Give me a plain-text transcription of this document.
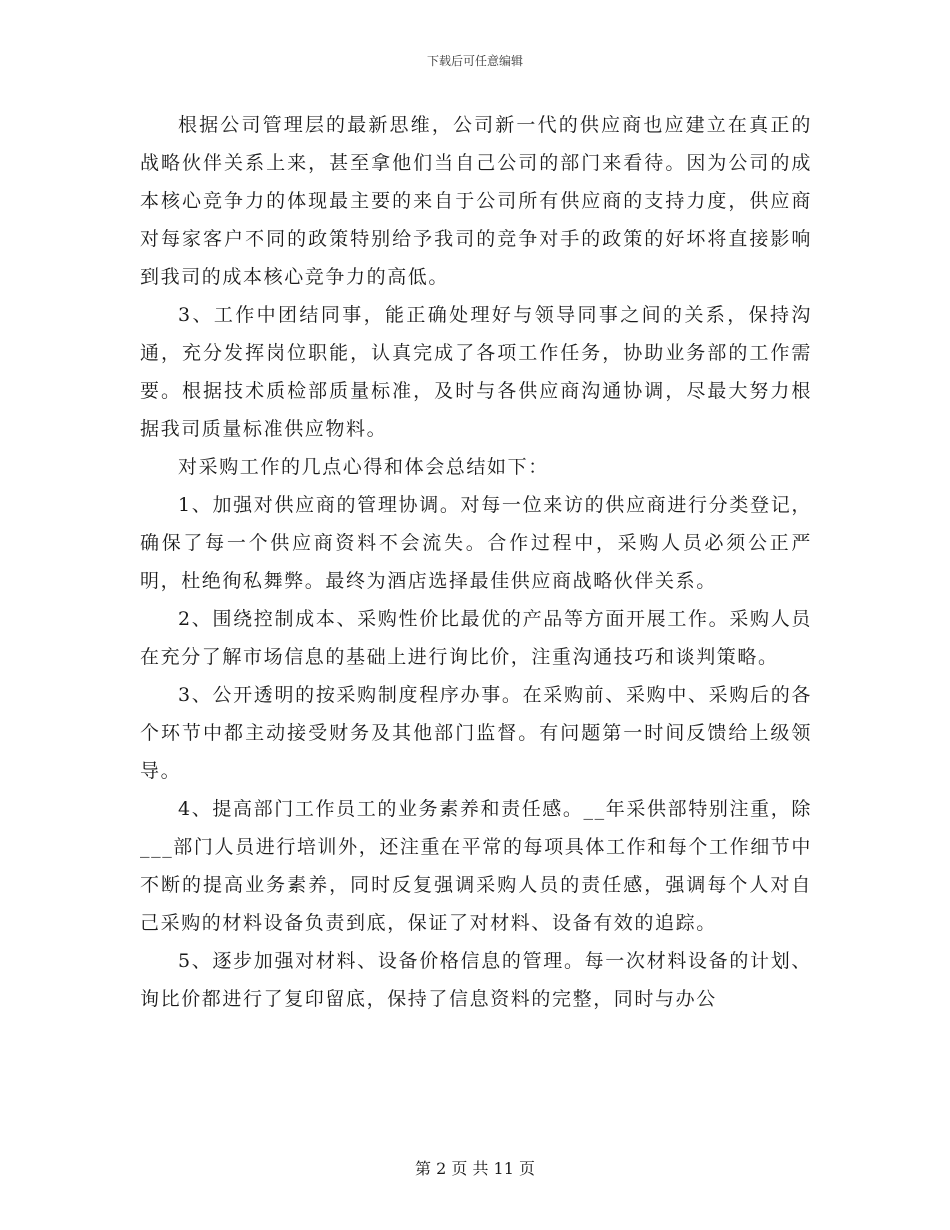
下载后可任意编辑

根据公司管理层的最新思维，公司新一代的供应商也应建立在真正的战略伙伴关系上来，甚至拿他们当自己公司的部门来看待。因为公司的成本核心竞争力的体现最主要的来自于公司所有供应商的支持力度，供应商对每家客户不同的政策特别给予我司的竞争对手的政策的好坏将直接影响到我司的成本核心竞争力的高低。

3、工作中团结同事，能正确处理好与领导同事之间的关系，保持沟通，充分发挥岗位职能，认真完成了各项工作任务，协助业务部的工作需要。根据技术质检部质量标准，及时与各供应商沟通协调，尽最大努力根据我司质量标准供应物料。

对采购工作的几点心得和体会总结如下：

1、加强对供应商的管理协调。对每一位来访的供应商进行分类登记，确保了每一个供应商资料不会流失。合作过程中，采购人员必须公正严明，杜绝徇私舞弊。最终为酒店选择最佳供应商战略伙伴关系。

2、围绕控制成本、采购性价比最优的产品等方面开展工作。采购人员在充分了解市场信息的基础上进行询比价，注重沟通技巧和谈判策略。

3、公开透明的按采购制度程序办事。在采购前、采购中、采购后的各个环节中都主动接受财务及其他部门监督。有问题第一时间反馈给上级领导。

4、提高部门工作员工的业务素养和责任感。__年采供部特别注重，除___部门人员进行培训外，还注重在平常的每项具体工作和每个工作细节中不断的提高业务素养，同时反复强调采购人员的责任感，强调每个人对自己采购的材料设备负责到底，保证了对材料、设备有效的追踪。

5、逐步加强对材料、设备价格信息的管理。每一次材料设备的计划、询比价都进行了复印留底，保持了信息资料的完整，同时与办公

第 2 页 共 11 页
